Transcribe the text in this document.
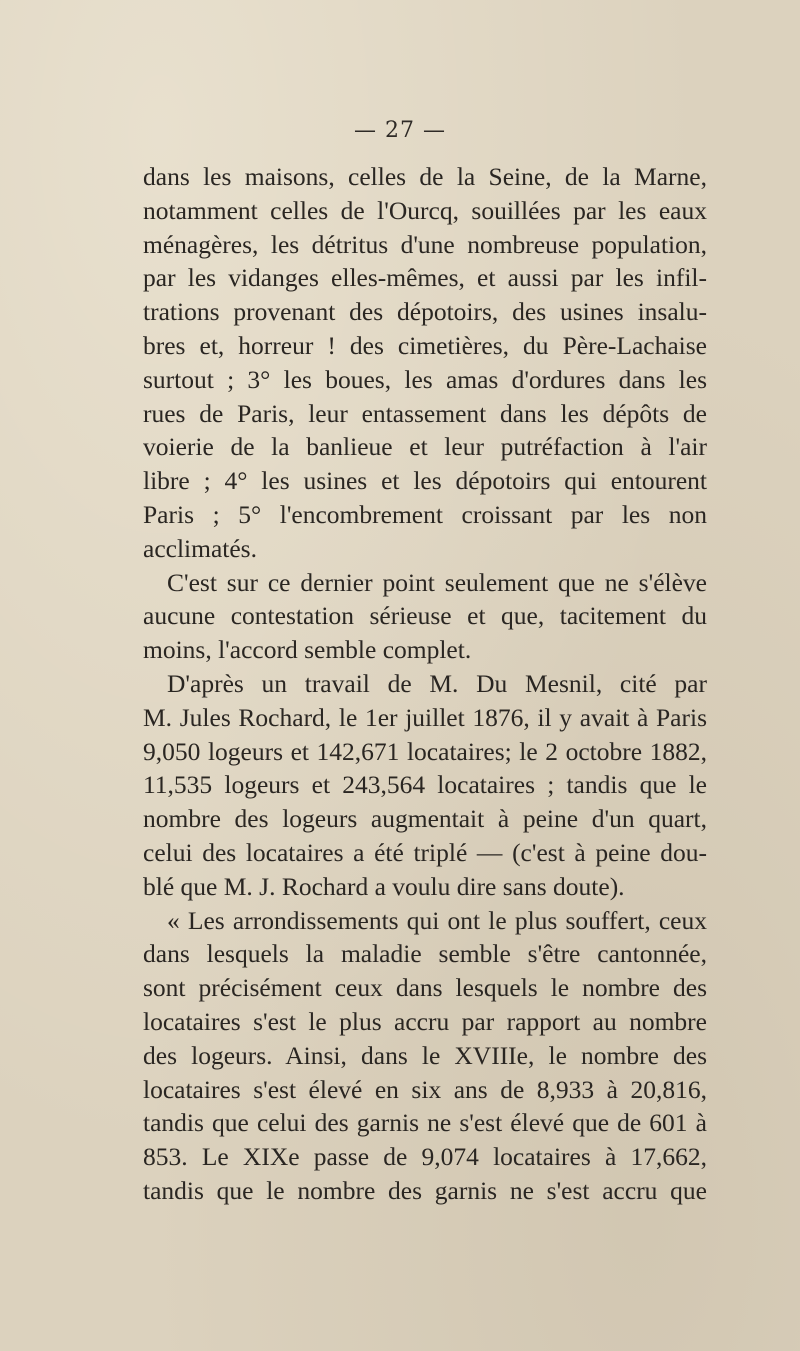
— 27 —
dans les maisons, celles de la Seine, de la Marne,
notamment celles de l'Ourcq, souillées par les eaux
ménagères, les détritus d'une nombreuse population,
par les vidanges elles-mêmes, et aussi par les infil-
trations provenant des dépotoirs, des usines insalu-
bres et, horreur ! des cimetières, du Père-Lachaise
surtout ; 3° les boues, les amas d'ordures dans les
rues de Paris, leur entassement dans les dépôts de
voierie de la banlieue et leur putréfaction à l'air
libre ; 4° les usines et les dépotoirs qui entourent
Paris ; 5° l'encombrement croissant par les non
acclimatés.
C'est sur ce dernier point seulement que ne s'élève
aucune contestation sérieuse et que, tacitement du
moins, l'accord semble complet.
D'après un travail de M. Du Mesnil, cité par
M. Jules Rochard, le 1er juillet 1876, il y avait à Paris
9,050 logeurs et 142,671 locataires; le 2 octobre 1882,
11,535 logeurs et 243,564 locataires ; tandis que le
nombre des logeurs augmentait à peine d'un quart,
celui des locataires a été triplé — (c'est à peine dou-
blé que M. J. Rochard a voulu dire sans doute).
« Les arrondissements qui ont le plus souffert, ceux
dans lesquels la maladie semble s'être cantonnée,
sont précisément ceux dans lesquels le nombre des
locataires s'est le plus accru par rapport au nombre
des logeurs. Ainsi, dans le XVIIIe, le nombre des
locataires s'est élevé en six ans de 8,933 à 20,816,
tandis que celui des garnis ne s'est élevé que de 601 à
853. Le XIXe passe de 9,074 locataires à 17,662,
tandis que le nombre des garnis ne s'est accru que
